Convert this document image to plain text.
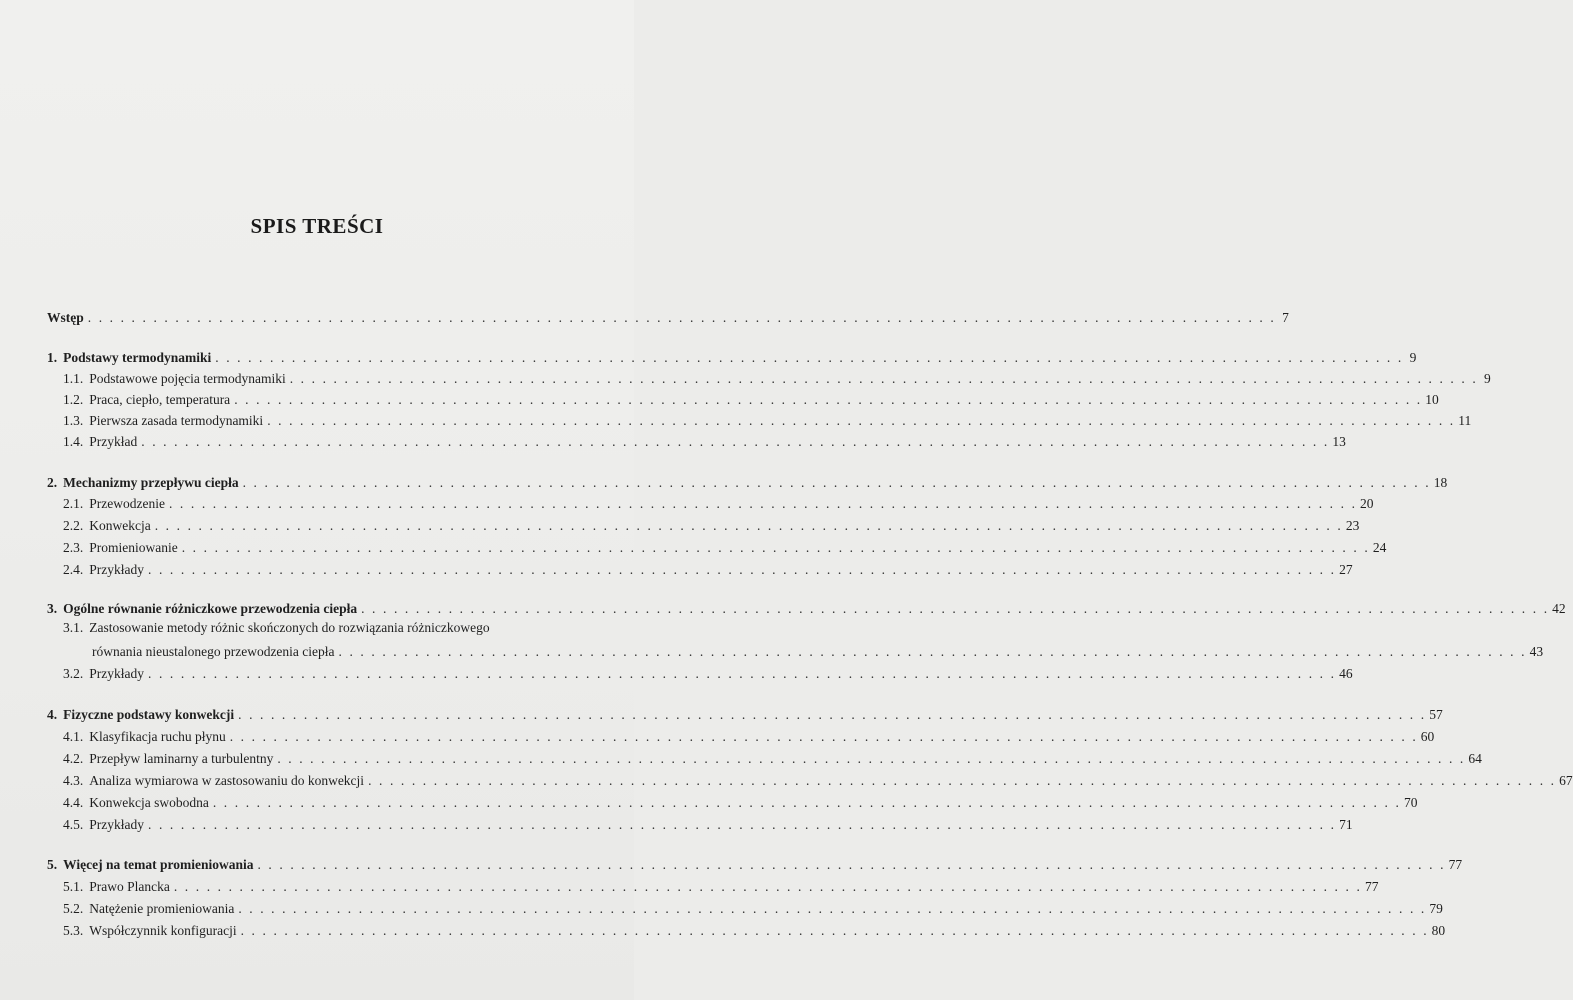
SPIS TREŚCI
Wstęp . . . . . . . . . . . . . . . . . . . . . . . . . . . . . . . . . . . . . . . . . . . . . . . . . . . . . . . . . . . . . . . . . . . . . . . . . . . . . . . . . . . . . . . . . . . . . . . . . . . . . . . . . . . . . 7
1. Podstawy termodynamiki . . . . . . . . . . . . . . . . . . . . . . . . . . . . . . . . . . . . . . . . . . . . . . . . . . . . . . . . . . . . . . . . . . . . . . . . . . . . . . . . . . . . . . . . . . . . . . . . . . . . . . . . . . . . . 9
1.1. Podstawowe pojęcia termodynamiki . . . . . . . . . . . . . . . . . . . . . . . . . . . . . . . . . . . . . . . . . . . . . . . . . . . . . . . . . . . . . . . . . . . . . . . . . . . . . . . . . . . . . . . . . . . . . . . . . . . . . . . . . . . . . 9
1.2. Praca, ciepło, temperatura . . . . . . . . . . . . . . . . . . . . . . . . . . . . . . . . . . . . . . . . . . . . . . . . . . . . . . . . . . . . . . . . . . . . . . . . . . . . . . . . . . . . . . . . . . . . . . . . . . . . . . . . . . . . . 10
1.3. Pierwsza zasada termodynamiki . . . . . . . . . . . . . . . . . . . . . . . . . . . . . . . . . . . . . . . . . . . . . . . . . . . . . . . . . . . . . . . . . . . . . . . . . . . . . . . . . . . . . . . . . . . . . . . . . . . . . . . . . . . . . 11
1.4. Przykład . . . . . . . . . . . . . . . . . . . . . . . . . . . . . . . . . . . . . . . . . . . . . . . . . . . . . . . . . . . . . . . . . . . . . . . . . . . . . . . . . . . . . . . . . . . . . . . . . . . . . . . . . . . . . 13
2. Mechanizmy przepływu ciepła . . . . . . . . . . . . . . . . . . . . . . . . . . . . . . . . . . . . . . . . . . . . . . . . . . . . . . . . . . . . . . . . . . . . . . . . . . . . . . . . . . . . . . . . . . . . . . . . . . . . . . . . . . . . . 18
2.1. Przewodzenie . . . . . . . . . . . . . . . . . . . . . . . . . . . . . . . . . . . . . . . . . . . . . . . . . . . . . . . . . . . . . . . . . . . . . . . . . . . . . . . . . . . . . . . . . . . . . . . . . . . . . . . . . . . . . 20
2.2. Konwekcja . . . . . . . . . . . . . . . . . . . . . . . . . . . . . . . . . . . . . . . . . . . . . . . . . . . . . . . . . . . . . . . . . . . . . . . . . . . . . . . . . . . . . . . . . . . . . . . . . . . . . . . . . . . . . 23
2.3. Promieniowanie . . . . . . . . . . . . . . . . . . . . . . . . . . . . . . . . . . . . . . . . . . . . . . . . . . . . . . . . . . . . . . . . . . . . . . . . . . . . . . . . . . . . . . . . . . . . . . . . . . . . . . . . . . . . . 24
2.4. Przykłady . . . . . . . . . . . . . . . . . . . . . . . . . . . . . . . . . . . . . . . . . . . . . . . . . . . . . . . . . . . . . . . . . . . . . . . . . . . . . . . . . . . . . . . . . . . . . . . . . . . . . . . . . . . . . 27
3. Ogólne równanie różniczkowe przewodzenia ciepła . . . . . . . . . . . . . . . . . . . . . . . . . . . . . . . . . . . . . . . . . . . . . . . . . . . . . . . . . . . . . . . . . . . . . . . . . . . . . . . . . . . . . . . . . . . . . . . . . . . . . . . . . . . . . 42
3.1. Zastosowanie metody różnic skończonych do rozwiązania różniczkowego
równania nieustalonego przewodzenia ciepła . . . . . . . . . . . . . . . . . . . . . . . . . . . . . . . . . . . . . . . . . . . . . . . . . . . . . . . . . . . . . . . . . . . . . . . . . . . . . . . . . . . . . . . . . . . . . . . . . . . . . . . . . . . . . 43
3.2. Przykłady . . . . . . . . . . . . . . . . . . . . . . . . . . . . . . . . . . . . . . . . . . . . . . . . . . . . . . . . . . . . . . . . . . . . . . . . . . . . . . . . . . . . . . . . . . . . . . . . . . . . . . . . . . . . . 46
4. Fizyczne podstawy konwekcji . . . . . . . . . . . . . . . . . . . . . . . . . . . . . . . . . . . . . . . . . . . . . . . . . . . . . . . . . . . . . . . . . . . . . . . . . . . . . . . . . . . . . . . . . . . . . . . . . . . . . . . . . . . . . 57
4.1. Klasyfikacja ruchu płynu . . . . . . . . . . . . . . . . . . . . . . . . . . . . . . . . . . . . . . . . . . . . . . . . . . . . . . . . . . . . . . . . . . . . . . . . . . . . . . . . . . . . . . . . . . . . . . . . . . . . . . . . . . . . . 60
4.2. Przepływ laminarny a turbulentny . . . . . . . . . . . . . . . . . . . . . . . . . . . . . . . . . . . . . . . . . . . . . . . . . . . . . . . . . . . . . . . . . . . . . . . . . . . . . . . . . . . . . . . . . . . . . . . . . . . . . . . . . . . . . 64
4.3. Analiza wymiarowa w zastosowaniu do konwekcji . . . . . . . . . . . . . . . . . . . . . . . . . . . . . . . . . . . . . . . . . . . . . . . . . . . . . . . . . . . . . . . . . . . . . . . . . . . . . . . . . . . . . . . . . . . . . . . . . . . . . . . . . . . . . 67
4.4. Konwekcja swobodna . . . . . . . . . . . . . . . . . . . . . . . . . . . . . . . . . . . . . . . . . . . . . . . . . . . . . . . . . . . . . . . . . . . . . . . . . . . . . . . . . . . . . . . . . . . . . . . . . . . . . . . . . . . . . 70
4.5. Przykłady . . . . . . . . . . . . . . . . . . . . . . . . . . . . . . . . . . . . . . . . . . . . . . . . . . . . . . . . . . . . . . . . . . . . . . . . . . . . . . . . . . . . . . . . . . . . . . . . . . . . . . . . . . . . . 71
5. Więcej na temat promieniowania . . . . . . . . . . . . . . . . . . . . . . . . . . . . . . . . . . . . . . . . . . . . . . . . . . . . . . . . . . . . . . . . . . . . . . . . . . . . . . . . . . . . . . . . . . . . . . . . . . . . . . . . . . . . . 77
5.1. Prawo Plancka . . . . . . . . . . . . . . . . . . . . . . . . . . . . . . . . . . . . . . . . . . . . . . . . . . . . . . . . . . . . . . . . . . . . . . . . . . . . . . . . . . . . . . . . . . . . . . . . . . . . . . . . . . . . . 77
5.2. Natężenie promieniowania . . . . . . . . . . . . . . . . . . . . . . . . . . . . . . . . . . . . . . . . . . . . . . . . . . . . . . . . . . . . . . . . . . . . . . . . . . . . . . . . . . . . . . . . . . . . . . . . . . . . . . . . . . . . . 79
5.3. Współczynnik konfiguracji . . . . . . . . . . . . . . . . . . . . . . . . . . . . . . . . . . . . . . . . . . . . . . . . . . . . . . . . . . . . . . . . . . . . . . . . . . . . . . . . . . . . . . . . . . . . . . . . . . . . . . . . . . . . . 80
